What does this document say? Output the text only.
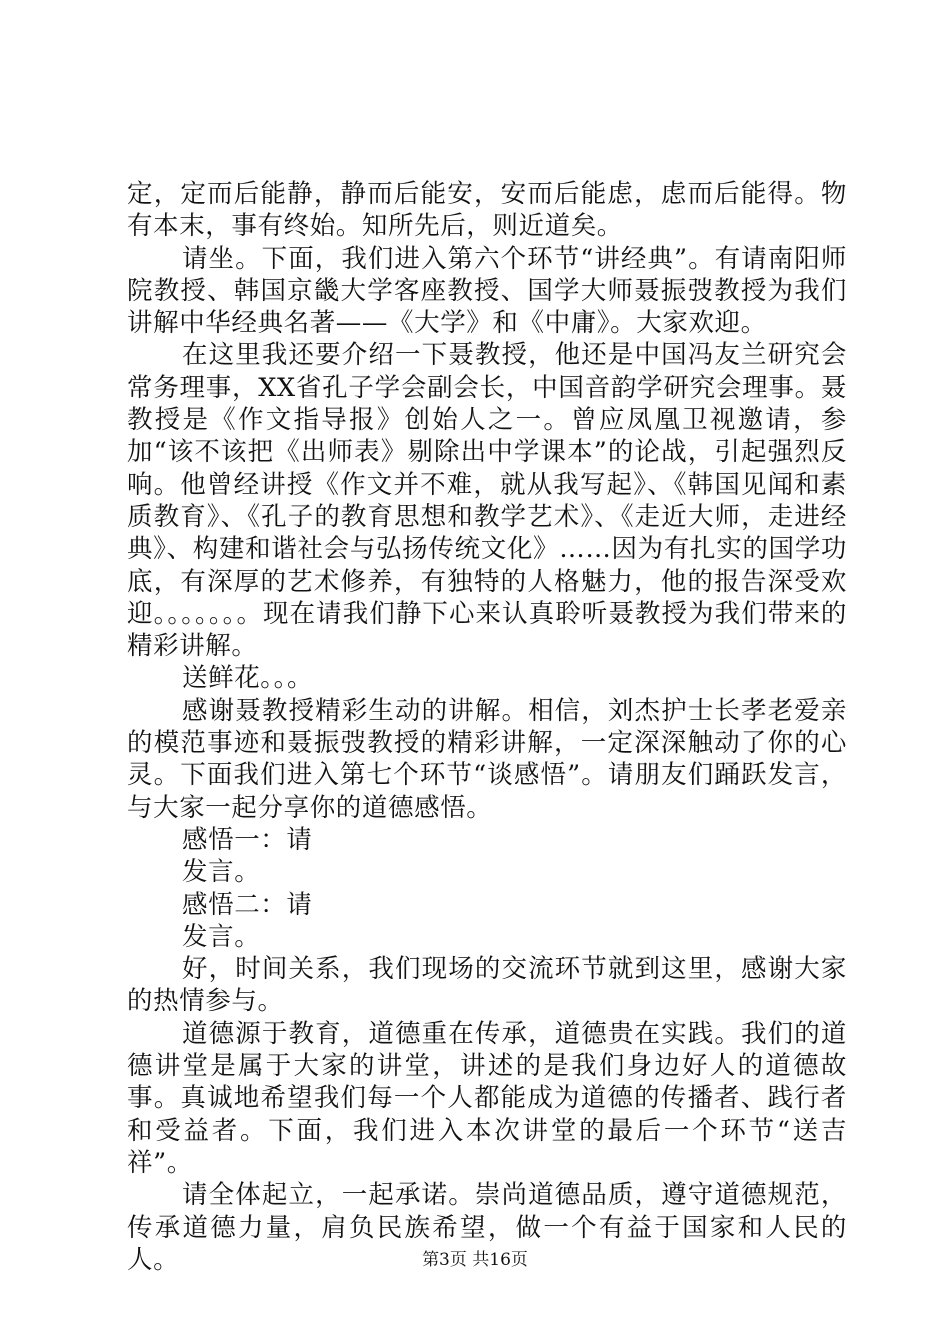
定，定而后能静，静而后能安，安而后能虑，虑而后能得。物有本末，事有终始。知所先后，则近道矣。

请坐。下面，我们进入第六个环节“讲经典”。有请南阳师院教授、韩国京畿大学客座教授、国学大师聂振弢教授为我们讲解中华经典名著——《大学》和《中庸》。大家欢迎。

在这里我还要介绍一下聂教授，他还是中国冯友兰研究会常务理事，XX省孔子学会副会长，中国音韵学研究会理事。聂教授是《作文指导报》创始人之一。曾应凤凰卫视邀请，参加“该不该把《出师表》剔除出中学课本”的论战，引起强烈反响。他曾经讲授《作文并不难，就从我写起》、《韩国见闻和素质教育》、《孔子的教育思想和教学艺术》、《走近大师，走进经典》、构建和谐社会与弘扬传统文化》……因为有扎实的国学功底，有深厚的艺术修养，有独特的人格魅力，他的报告深受欢迎。。。。。。。现在请我们静下心来认真聆听聂教授为我们带来的精彩讲解。

送鲜花。。。

感谢聂教授精彩生动的讲解。相信，刘杰护士长孝老爱亲的模范事迹和聂振弢教授的精彩讲解，一定深深触动了你的心灵。下面我们进入第七个环节“谈感悟”。请朋友们踊跃发言，与大家一起分享你的道德感悟。

感悟一：请

发言。

感悟二：请

发言。

好，时间关系，我们现场的交流环节就到这里，感谢大家的热情参与。

道德源于教育，道德重在传承，道德贵在实践。我们的道德讲堂是属于大家的讲堂，讲述的是我们身边好人的道德故事。真诚地希望我们每一个人都能成为道德的传播者、践行者和受益者。下面，我们进入本次讲堂的最后一个环节“送吉祥”。

请全体起立，一起承诺。崇尚道德品质，遵守道德规范，传承道德力量，肩负民族希望，做一个有益于国家和人民的人。	第3页 共16页
